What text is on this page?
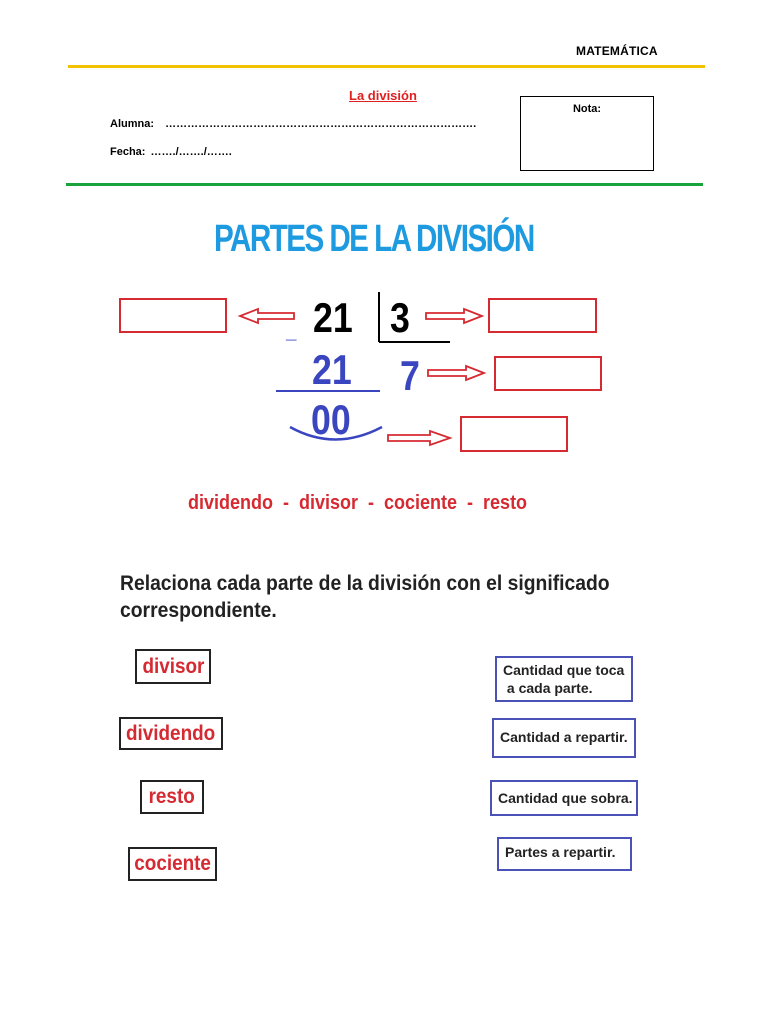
MATEMÁTICA
La división
Alumna: ………………………………………………………………………….
Fecha: ……./……./…….
Nota:
PARTES DE LA DIVISIÓN
21 3
_
21 7
00
dividendo  -  divisor  -  cociente  -  resto
Relaciona cada parte de la división con el significado correspondiente.
divisor
dividendo
resto
cociente
Cantidad que toca
a cada parte.
Cantidad a repartir.
Cantidad que sobra.
Partes a repartir.
